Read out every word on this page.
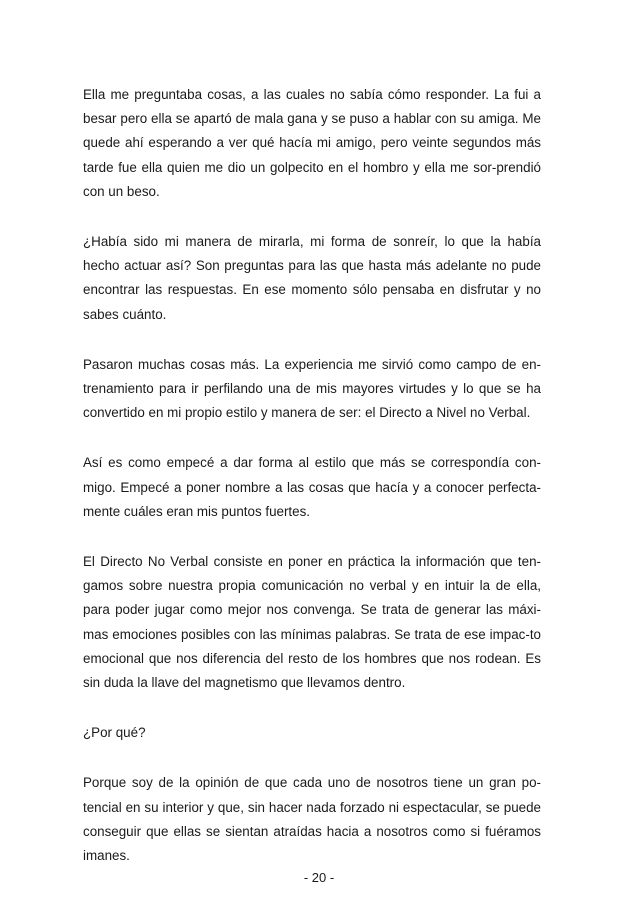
Ella me preguntaba cosas, a las cuales no sabía cómo responder. La fui a besar pero ella se apartó de mala gana y se puso a hablar con su amiga. Me quede ahí esperando a ver qué hacía mi amigo, pero veinte segundos más tarde fue ella quien me dio un golpecito en el hombro y ella me sor-prendió con un beso.

¿Había sido mi manera de mirarla, mi forma de sonreír, lo que la había hecho actuar así? Son preguntas para las que hasta más adelante no pude encontrar las respuestas. En ese momento sólo pensaba en disfrutar y no sabes cuánto.

Pasaron muchas cosas más. La experiencia me sirvió como campo de en-trenamiento para ir perfilando una de mis mayores virtudes y lo que se ha convertido en mi propio estilo y manera de ser: el Directo a Nivel no Verbal.

Así es como empecé a dar forma al estilo que más se correspondía con-migo. Empecé a poner nombre a las cosas que hacía y a conocer perfecta-mente cuáles eran mis puntos fuertes.

El Directo No Verbal consiste en poner en práctica la información que ten-gamos sobre nuestra propia comunicación no verbal y en intuir la de ella, para poder jugar como mejor nos convenga. Se trata de generar las máxi-mas emociones posibles con las mínimas palabras. Se trata de ese impac-to emocional que nos diferencia del resto de los hombres que nos rodean. Es sin duda la llave del magnetismo que llevamos dentro.

¿Por qué?

Porque soy de la opinión de que cada uno de nosotros tiene un gran po-tencial en su interior y que, sin hacer nada forzado ni espectacular, se puede conseguir que ellas se sientan atraídas hacia a nosotros como si fuéramos imanes.

- 20 -
